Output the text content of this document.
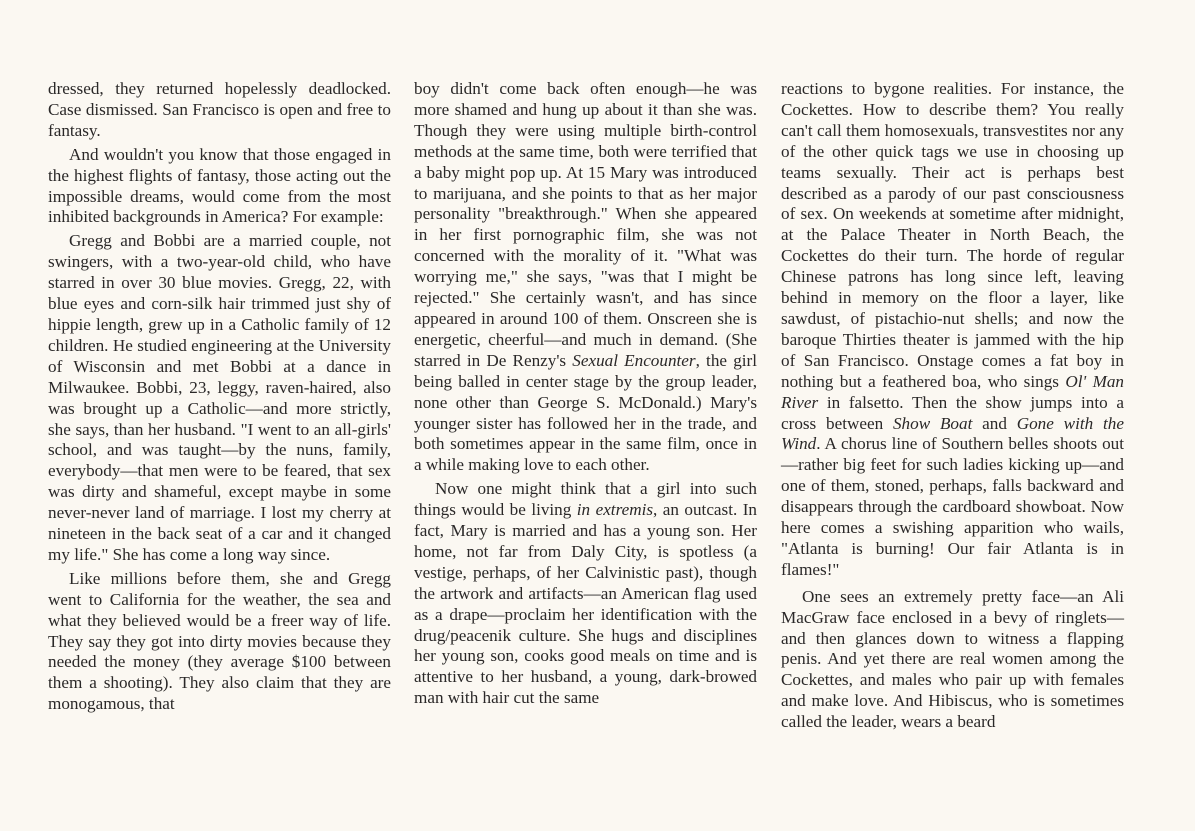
dressed, they returned hopelessly deadlocked. Case dismissed. San Francisco is open and free to fantasy.

And wouldn't you know that those engaged in the highest flights of fantasy, those acting out the impossible dreams, would come from the most inhibited backgrounds in America? For example:

Gregg and Bobbi are a married couple, not swingers, with a two-year-old child, who have starred in over 30 blue movies. Gregg, 22, with blue eyes and corn-silk hair trimmed just shy of hippie length, grew up in a Catholic family of 12 children. He studied engineering at the University of Wisconsin and met Bobbi at a dance in Milwaukee. Bobbi, 23, leggy, raven-haired, also was brought up a Catholic—and more strictly, she says, than her husband. "I went to an all-girls' school, and was taught—by the nuns, family, everybody—that men were to be feared, that sex was dirty and shameful, except maybe in some never-never land of marriage. I lost my cherry at nineteen in the back seat of a car and it changed my life." She has come a long way since.

Like millions before them, she and Gregg went to California for the weather, the sea and what they believed would be a freer way of life. They say they got into dirty movies because they needed the money (they average $100 between them a shooting). They also claim that they are monogamous, that

boy didn't come back often enough—he was more shamed and hung up about it than she was. Though they were using multiple birth-control methods at the same time, both were terrified that a baby might pop up. At 15 Mary was introduced to marijuana, and she points to that as her major personality "breakthrough." When she appeared in her first pornographic film, she was not concerned with the morality of it. "What was worrying me," she says, "was that I might be rejected." She certainly wasn't, and has since appeared in around 100 of them. Onscreen she is energetic, cheerful—and much in demand. (She starred in De Renzy's Sexual Encounter, the girl being balled in center stage by the group leader, none other than George S. McDonald.) Mary's younger sister has followed her in the trade, and both sometimes appear in the same film, once in a while making love to each other.

Now one might think that a girl into such things would be living in extremis, an outcast. In fact, Mary is married and has a young son. Her home, not far from Daly City, is spotless (a vestige, perhaps, of her Calvinistic past), though the artwork and artifacts—an American flag used as a drape—proclaim her identification with the drug/peacenik culture. She hugs and disciplines her young son, cooks good meals on time and is attentive to her husband, a young, dark-browed man with hair cut the same

reactions to bygone realities. For instance, the Cockettes. How to describe them? You really can't call them homosexuals, transvestites nor any of the other quick tags we use in choosing up teams sexually. Their act is perhaps best described as a parody of our past consciousness of sex. On weekends at sometime after midnight, at the Palace Theater in North Beach, the Cockettes do their turn. The horde of regular Chinese patrons has long since left, leaving behind in memory on the floor a layer, like sawdust, of pistachio-nut shells; and now the baroque Thirties theater is jammed with the hip of San Francisco. Onstage comes a fat boy in nothing but a feathered boa, who sings Ol' Man River in falsetto. Then the show jumps into a cross between Show Boat and Gone with the Wind. A chorus line of Southern belles shoots out—rather big feet for such ladies kicking up—and one of them, stoned, perhaps, falls backward and disappears through the cardboard showboat. Now here comes a swishing apparition who wails, "Atlanta is burning! Our fair Atlanta is in flames!"

One sees an extremely pretty face—an Ali MacGraw face enclosed in a bevy of ringlets—and then glances down to witness a flapping penis. And yet there are real women among the Cockettes, and males who pair up with females and make love. And Hibiscus, who is sometimes called the leader, wears a beard
